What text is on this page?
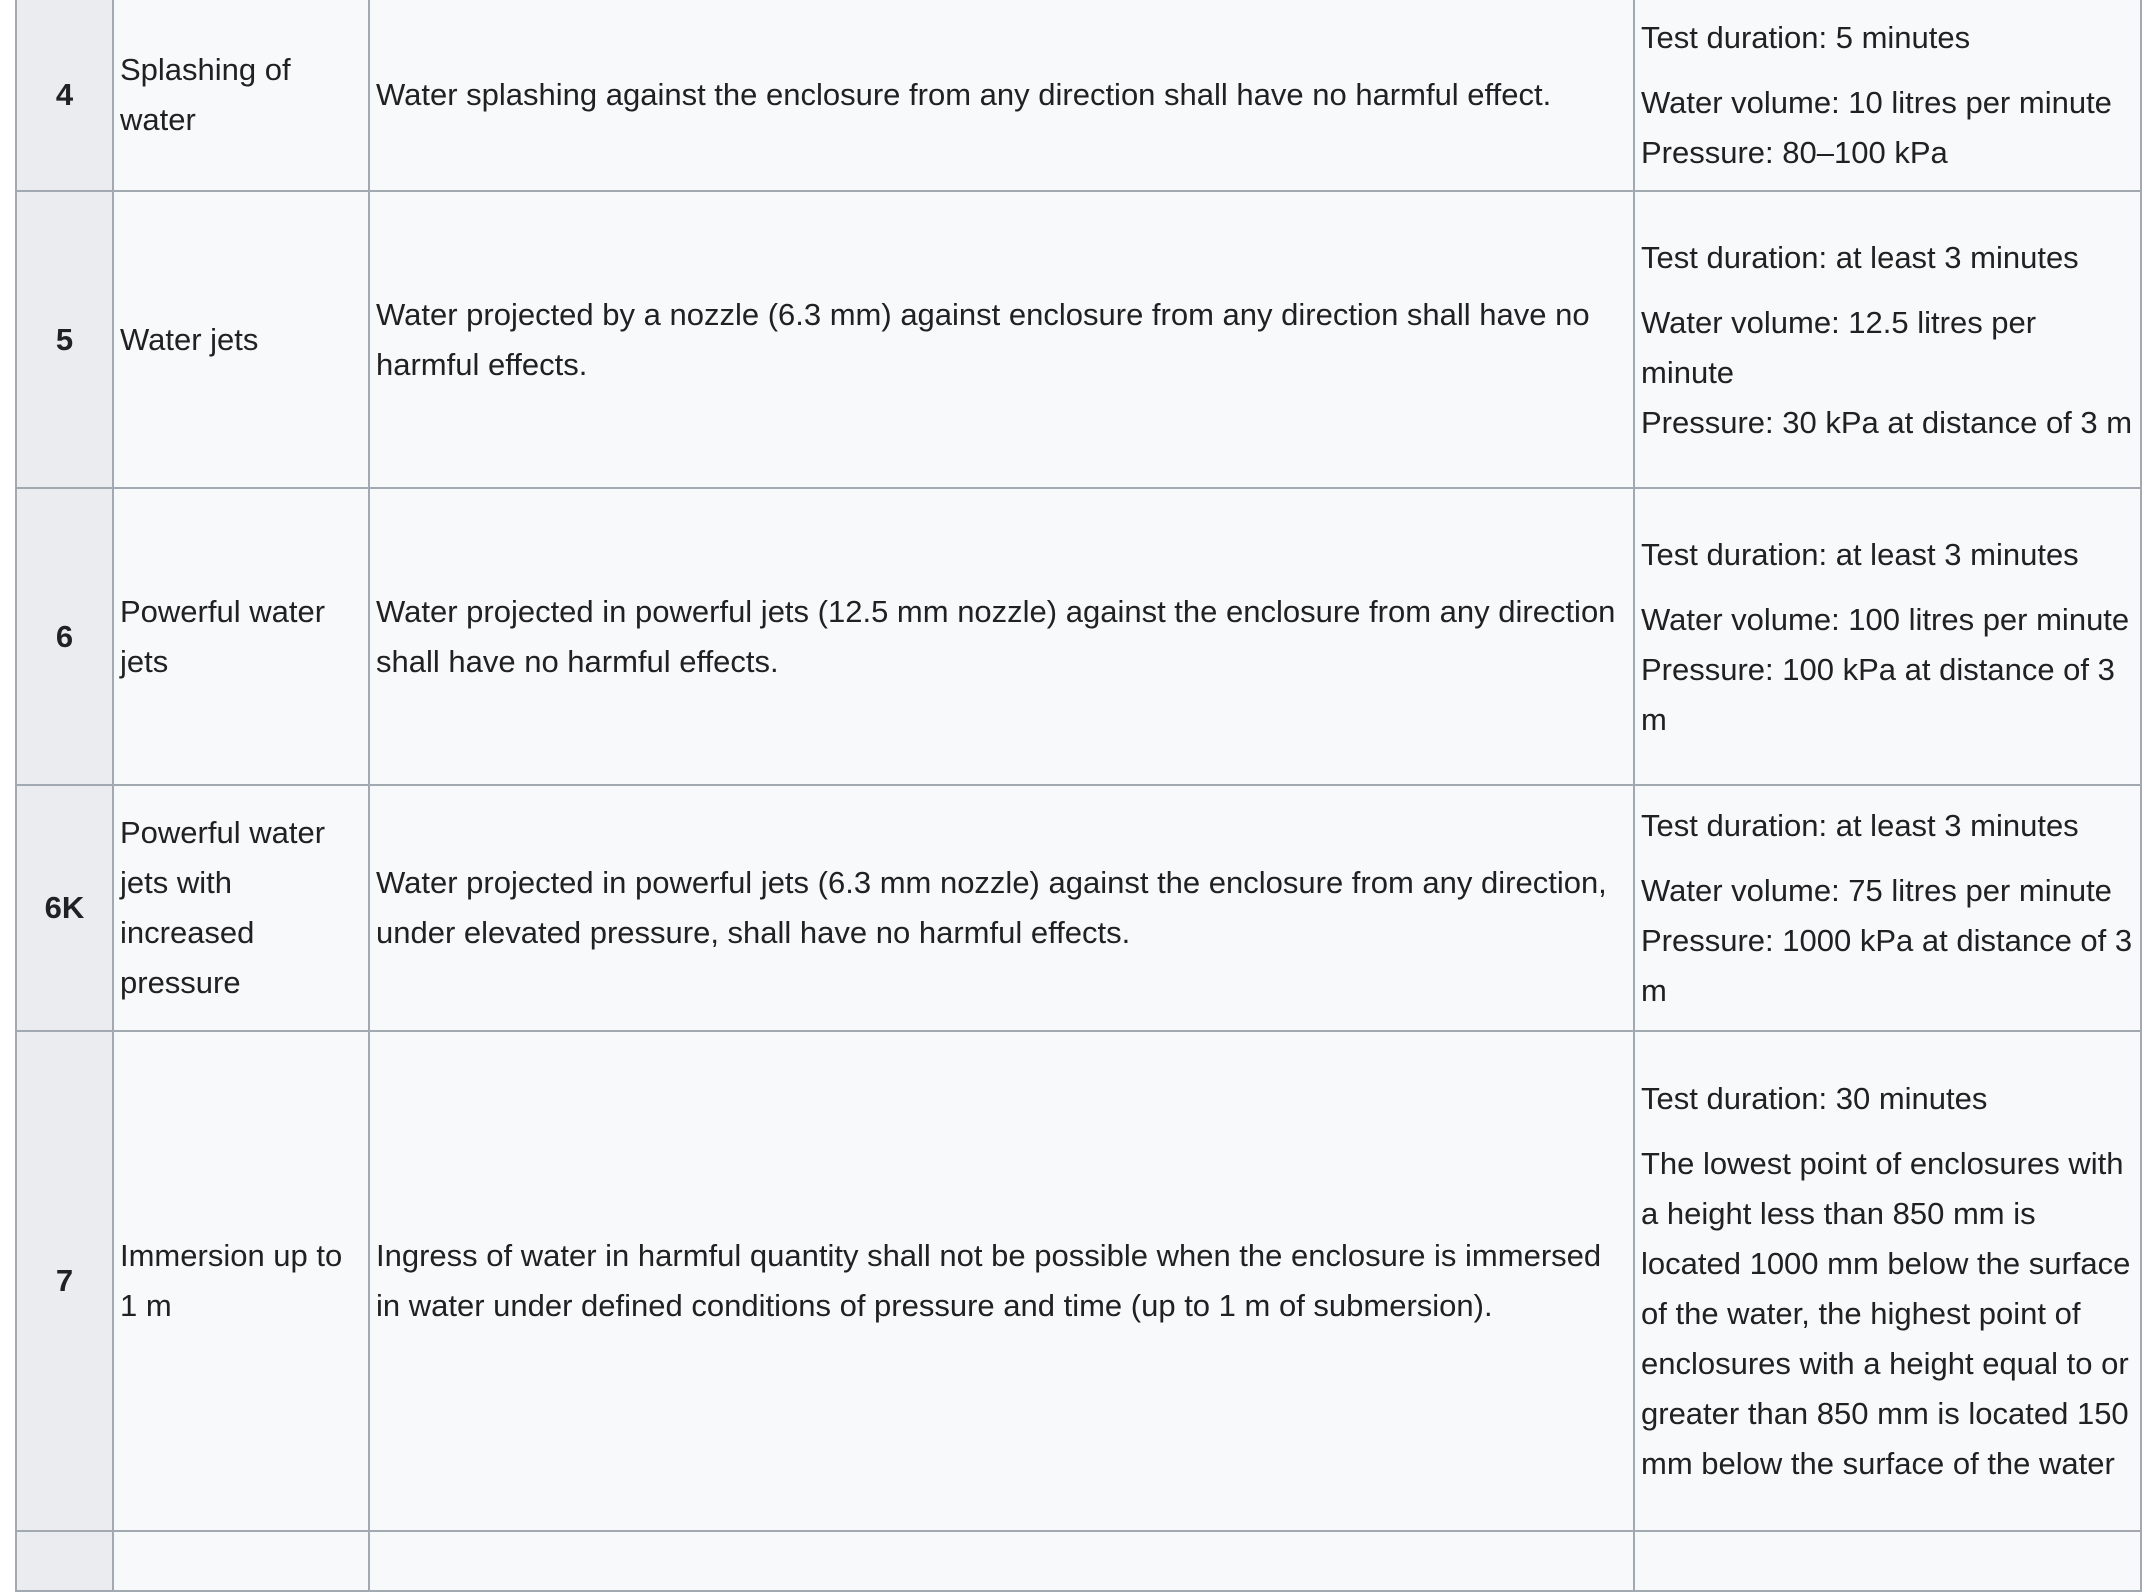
4	Splashing of water	Water splashing against the enclosure from any direction shall have no harmful effect.	Test duration: 5 minutes

Water volume: 10 litres per minute

Pressure: 80–100 kPa

5	Water jets	Water projected by a nozzle (6.3 mm) against enclosure from any direction shall have no harmful effects.	Test duration: at least 3 minutes

Water volume: 12.5 litres per minute

Pressure: 30 kPa at distance of 3 m

6	Powerful water jets	Water projected in powerful jets (12.5 mm nozzle) against the enclosure from any direction shall have no harmful effects.	Test duration: at least 3 minutes

Water volume: 100 litres per minute

Pressure: 100 kPa at distance of 3 m

6K	Powerful water jets with increased pressure	Water projected in powerful jets (6.3 mm nozzle) against the enclosure from any direction, under elevated pressure, shall have no harmful effects.	Test duration: at least 3 minutes

Water volume: 75 litres per minute

Pressure: 1000 kPa at distance of 3 m

7	Immersion up to 1 m	Ingress of water in harmful quantity shall not be possible when the enclosure is immersed in water under defined conditions of pressure and time (up to 1 m of submersion).	Test duration: 30 minutes

The lowest point of enclosures with a height less than 850 mm is located 1000 mm below the surface of the water, the highest point of enclosures with a height equal to or greater than 850 mm is located 150 mm below the surface of the water
